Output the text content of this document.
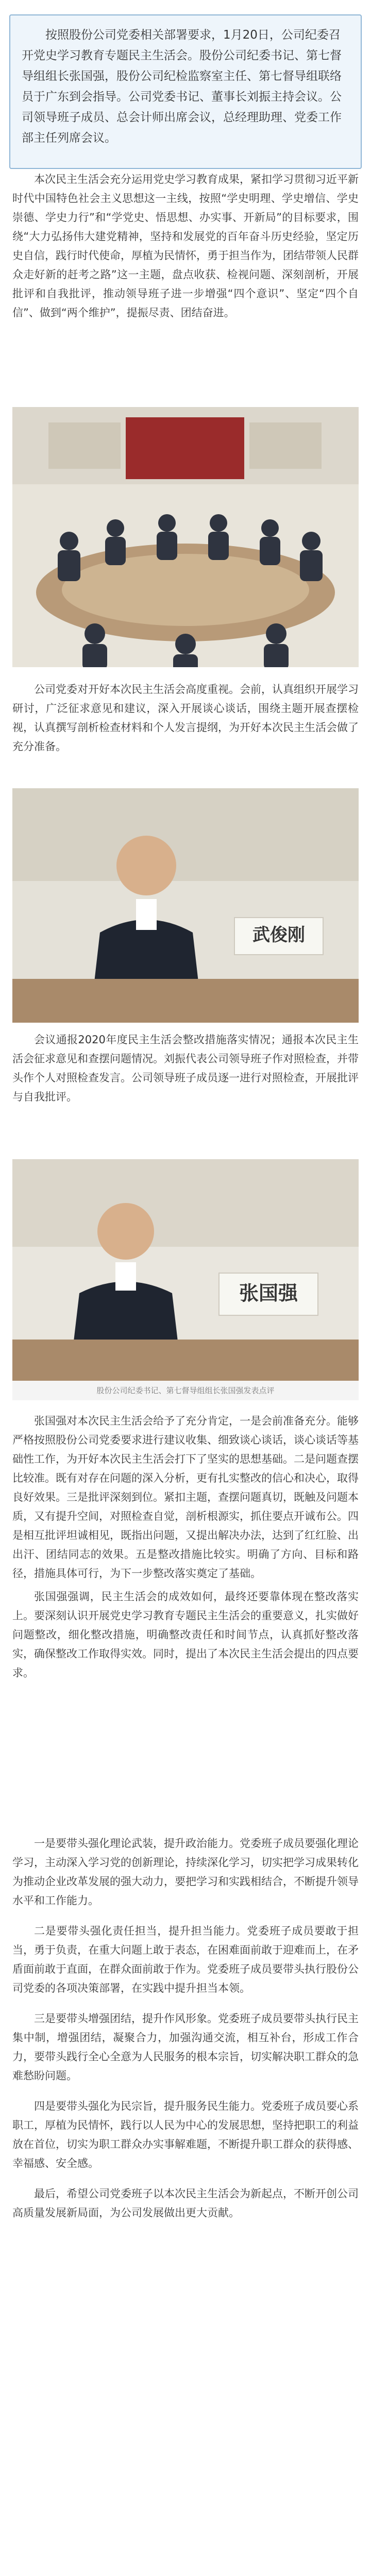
按照股份公司党委相关部署要求，1月20日，公司纪委召开党史学习教育专题民主生活会。股份公司纪委书记、第七督导组组长张国强，股份公司纪检监察室主任、第七督导组联络员于广东到会指导。公司党委书记、董事长刘振主持会议。公司领导班子成员、总会计师出席会议，总经理助理、党委工作部主任列席会议。

本次民主生活会充分运用党史学习教育成果，紧扣学习贯彻习近平新时代中国特色社会主义思想这一主线，按照“学史明理、学史增信、学史崇德、学史力行”和“学党史、悟思想、办实事、开新局”的目标要求，围绕“大力弘扬伟大建党精神，坚持和发展党的百年奋斗历史经验，坚定历史自信，践行时代使命，厚植为民情怀，勇于担当作为，团结带领人民群众走好新的赶考之路”这一主题，盘点收获、检视问题、深刻剖析，开展批评和自我批评，推动领导班子进一步增强“四个意识”、坚定“四个自信”、做到“两个维护”，提振尽责、团结奋进。

公司党委对开好本次民主生活会高度重视。会前，认真组织开展学习研讨，广泛征求意见和建议，深入开展谈心谈话，围绕主题开展查摆检视，认真撰写剖析检查材料和个人发言提纲，为开好本次民主生活会做了充分准备。

武俊刚

会议通报2020年度民主生活会整改措施落实情况；通报本次民主生活会征求意见和查摆问题情况。刘振代表公司领导班子作对照检查，并带头作个人对照检查发言。公司领导班子成员逐一进行对照检查，开展批评与自我批评。

张国强
股份公司纪委书记、第七督导组组长张国强发表点评

张国强对本次民主生活会给予了充分肯定，一是会前准备充分。能够严格按照股份公司党委要求进行建议收集、细致谈心谈话，谈心谈话等基础性工作，为开好本次民主生活会打下了坚实的思想基础。二是问题查摆比较准。既有对存在问题的深入分析，更有扎实整改的信心和决心，取得良好效果。三是批评深刻到位。紧扣主题，查摆问题真切，既触及问题本质，又有提升空间，对照检查自觉，剖析根源实，抓住要点开诚布公。四是相互批评坦诚相见，既指出问题，又提出解决办法，达到了红红脸、出出汗、团结同志的效果。五是整改措施比较实。明确了方向、目标和路径，措施具体可行，为下一步整改落实奠定了基础。

张国强强调，民主生活会的成效如何，最终还要靠体现在整改落实上。要深刻认识开展党史学习教育专题民主生活会的重要意义，扎实做好问题整改，细化整改措施，明确整改责任和时间节点，认真抓好整改落实，确保整改工作取得实效。同时，提出了本次民主生活会提出的四点要求。

一是要带头强化理论武装，提升政治能力。党委班子成员要强化理论学习，主动深入学习党的创新理论，持续深化学习，切实把学习成果转化为推动企业改革发展的强大动力，要把学习和实践相结合，不断提升领导水平和工作能力。

二是要带头强化责任担当，提升担当能力。党委班子成员要敢于担当，勇于负责，在重大问题上敢于表态，在困难面前敢于迎难而上，在矛盾面前敢于直面，在群众面前敢于作为。党委班子成员要带头执行股份公司党委的各项决策部署，在实践中提升担当本领。

三是要带头增强团结，提升作风形象。党委班子成员要带头执行民主集中制，增强团结，凝聚合力，加强沟通交流，相互补台，形成工作合力，要带头践行全心全意为人民服务的根本宗旨，切实解决职工群众的急难愁盼问题。

四是要带头强化为民宗旨，提升服务民生能力。党委班子成员要心系职工，厚植为民情怀，践行以人民为中心的发展思想，坚持把职工的利益放在首位，切实为职工群众办实事解难题，不断提升职工群众的获得感、幸福感、安全感。

最后，希望公司党委班子以本次民主生活会为新起点，不断开创公司高质量发展新局面，为公司发展做出更大贡献。
